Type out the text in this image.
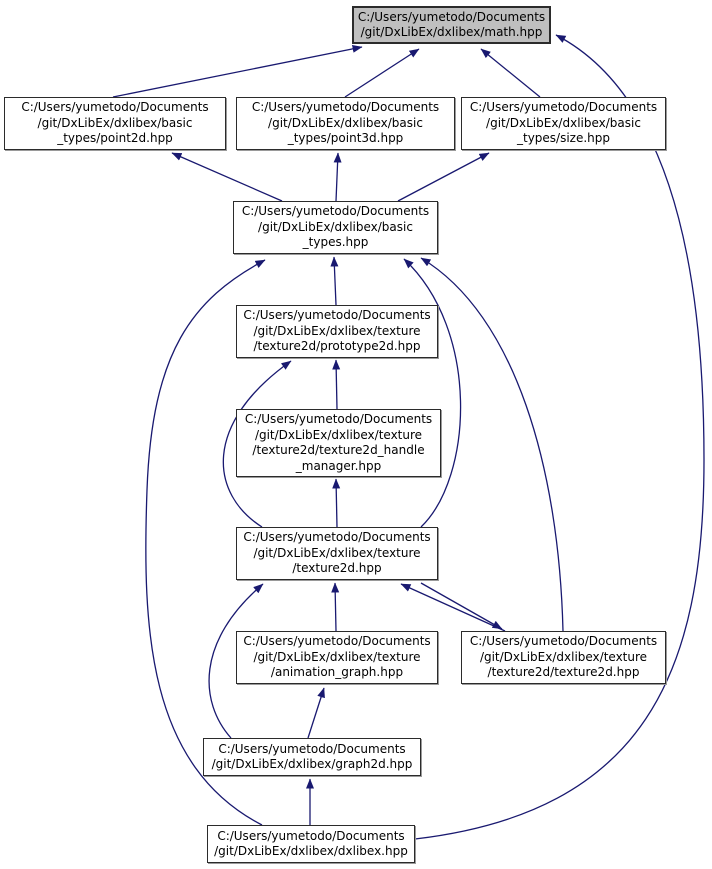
C:/Users/yumetodo/Documents
/git/DxLibEx/dxlibex/math.hpp
C:/Users/yumetodo/Documents
/git/DxLibEx/dxlibex/basic
_types/point2d.hpp
C:/Users/yumetodo/Documents
/git/DxLibEx/dxlibex/basic
_types/point3d.hpp
C:/Users/yumetodo/Documents
/git/DxLibEx/dxlibex/basic
_types/size.hpp
C:/Users/yumetodo/Documents
/git/DxLibEx/dxlibex/basic
_types.hpp
C:/Users/yumetodo/Documents
/git/DxLibEx/dxlibex/texture
/texture2d/prototype2d.hpp
C:/Users/yumetodo/Documents
/git/DxLibEx/dxlibex/texture
/texture2d/texture2d_handle
_manager.hpp
C:/Users/yumetodo/Documents
/git/DxLibEx/dxlibex/texture
/texture2d.hpp
C:/Users/yumetodo/Documents
/git/DxLibEx/dxlibex/texture
/animation_graph.hpp
C:/Users/yumetodo/Documents
/git/DxLibEx/dxlibex/texture
/texture2d/texture2d.hpp
C:/Users/yumetodo/Documents
/git/DxLibEx/dxlibex/graph2d.hpp
C:/Users/yumetodo/Documents
/git/DxLibEx/dxlibex/dxlibex.hpp
